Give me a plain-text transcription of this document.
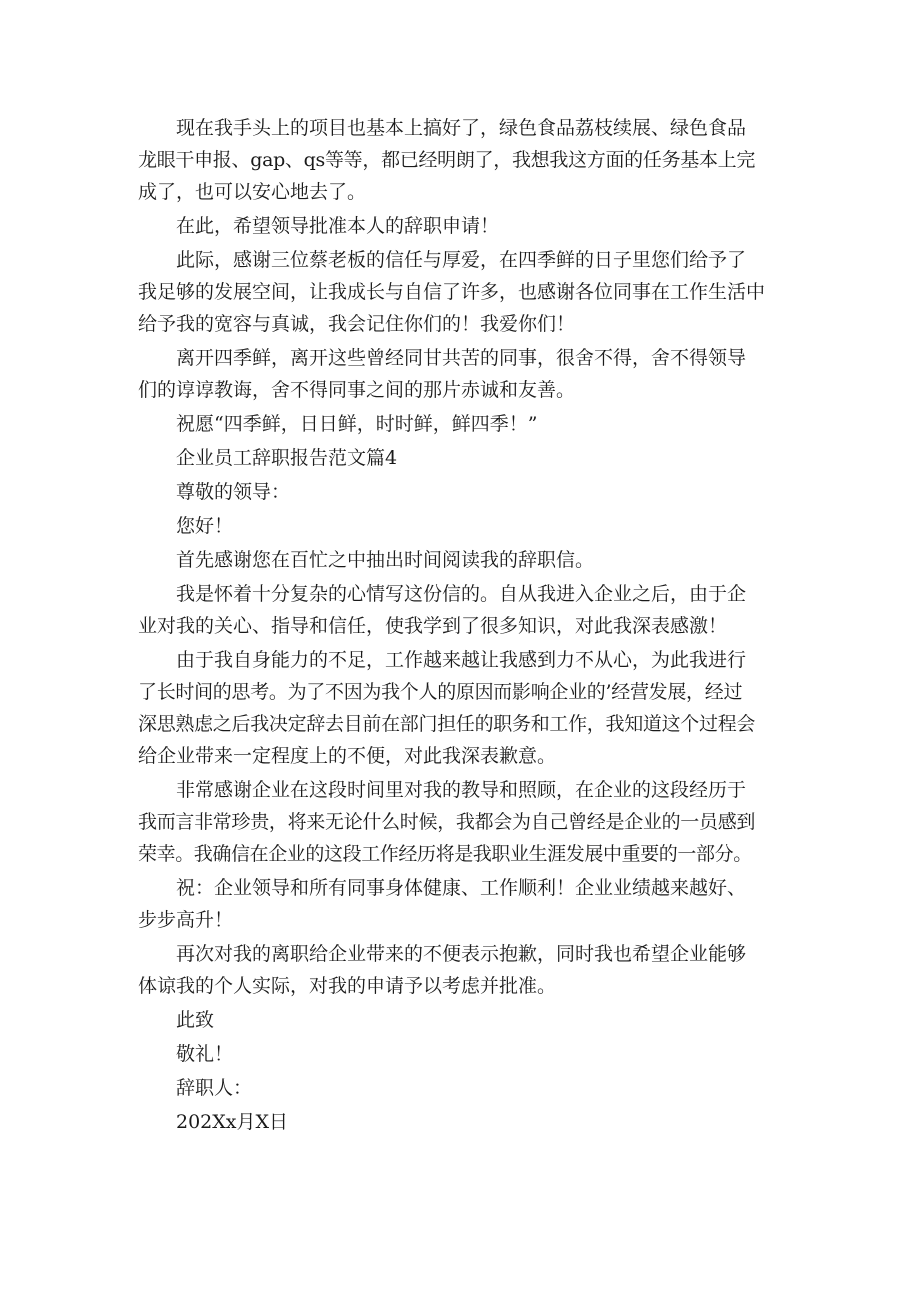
现在我手头上的项目也基本上搞好了，绿色食品荔枝续展、绿色食品
龙眼干申报、gap、qs等等，都已经明朗了，我想我这方面的任务基本上完
成了，也可以安心地去了。
在此，希望领导批准本人的辞职申请！
此际，感谢三位蔡老板的信任与厚爱，在四季鲜的日子里您们给予了
我足够的发展空间，让我成长与自信了许多，也感谢各位同事在工作生活中
给予我的宽容与真诚，我会记住你们的！我爱你们！
离开四季鲜，离开这些曾经同甘共苦的同事，很舍不得，舍不得领导
们的谆谆教诲，舍不得同事之间的那片赤诚和友善。
祝愿“四季鲜，日日鲜，时时鲜，鲜四季！”
企业员工辞职报告范文篇4
尊敬的领导：
您好！
首先感谢您在百忙之中抽出时间阅读我的辞职信。
我是怀着十分复杂的心情写这份信的。自从我进入企业之后，由于企
业对我的关心、指导和信任，使我学到了很多知识，对此我深表感激！
由于我自身能力的不足，工作越来越让我感到力不从心，为此我进行
了长时间的思考。为了不因为我个人的原因而影响企业的’经营发展，经过
深思熟虑之后我决定辞去目前在部门担任的职务和工作，我知道这个过程会
给企业带来一定程度上的不便，对此我深表歉意。
非常感谢企业在这段时间里对我的教导和照顾，在企业的这段经历于
我而言非常珍贵，将来无论什么时候，我都会为自己曾经是企业的一员感到
荣幸。我确信在企业的这段工作经历将是我职业生涯发展中重要的一部分。
祝：企业领导和所有同事身体健康、工作顺利！企业业绩越来越好、
步步高升！
再次对我的离职给企业带来的不便表示抱歉，同时我也希望企业能够
体谅我的个人实际，对我的申请予以考虑并批准。
此致
敬礼！
辞职人：
202Xx月X日
